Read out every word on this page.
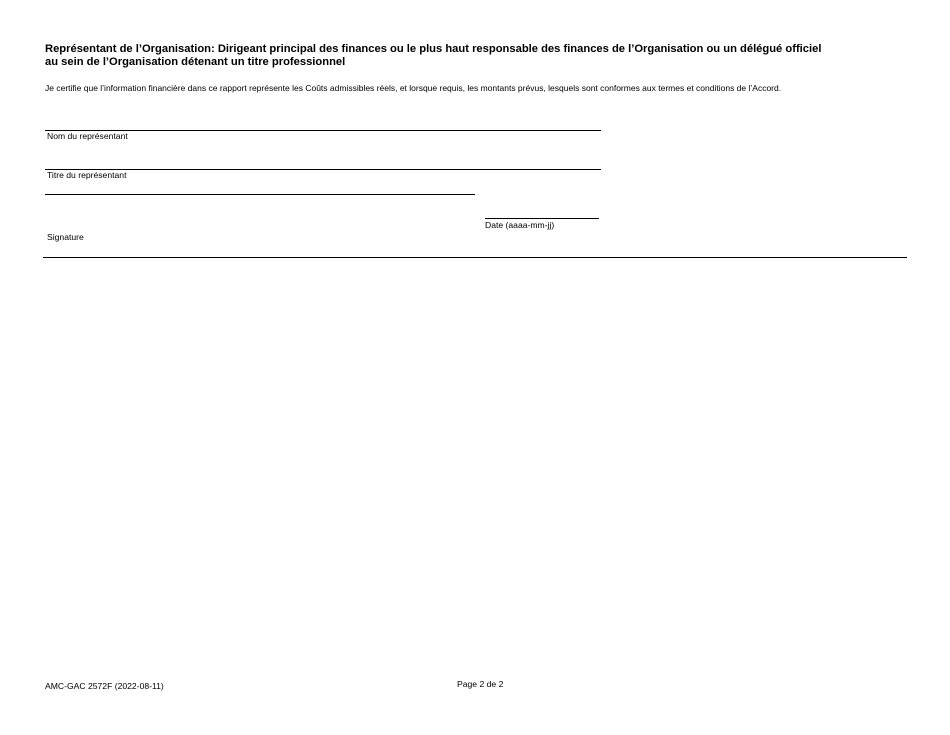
Représentant de l’Organisation: Dirigeant principal des finances ou le plus haut responsable des finances de l’Organisation ou un délégué officiel
au sein de l’Organisation détenant un titre professionnel
Je certifie que l’information financière dans ce rapport représente les Coûts admissibles réels, et lorsque requis, les montants prévus, lesquels sont conformes aux termes et conditions de l’Accord.
Nom du représentant
Titre du représentant
Signature
Date (aaaa-mm-jj)
AMC-GAC 2572F (2022-08-11)	Page 2 de 2
